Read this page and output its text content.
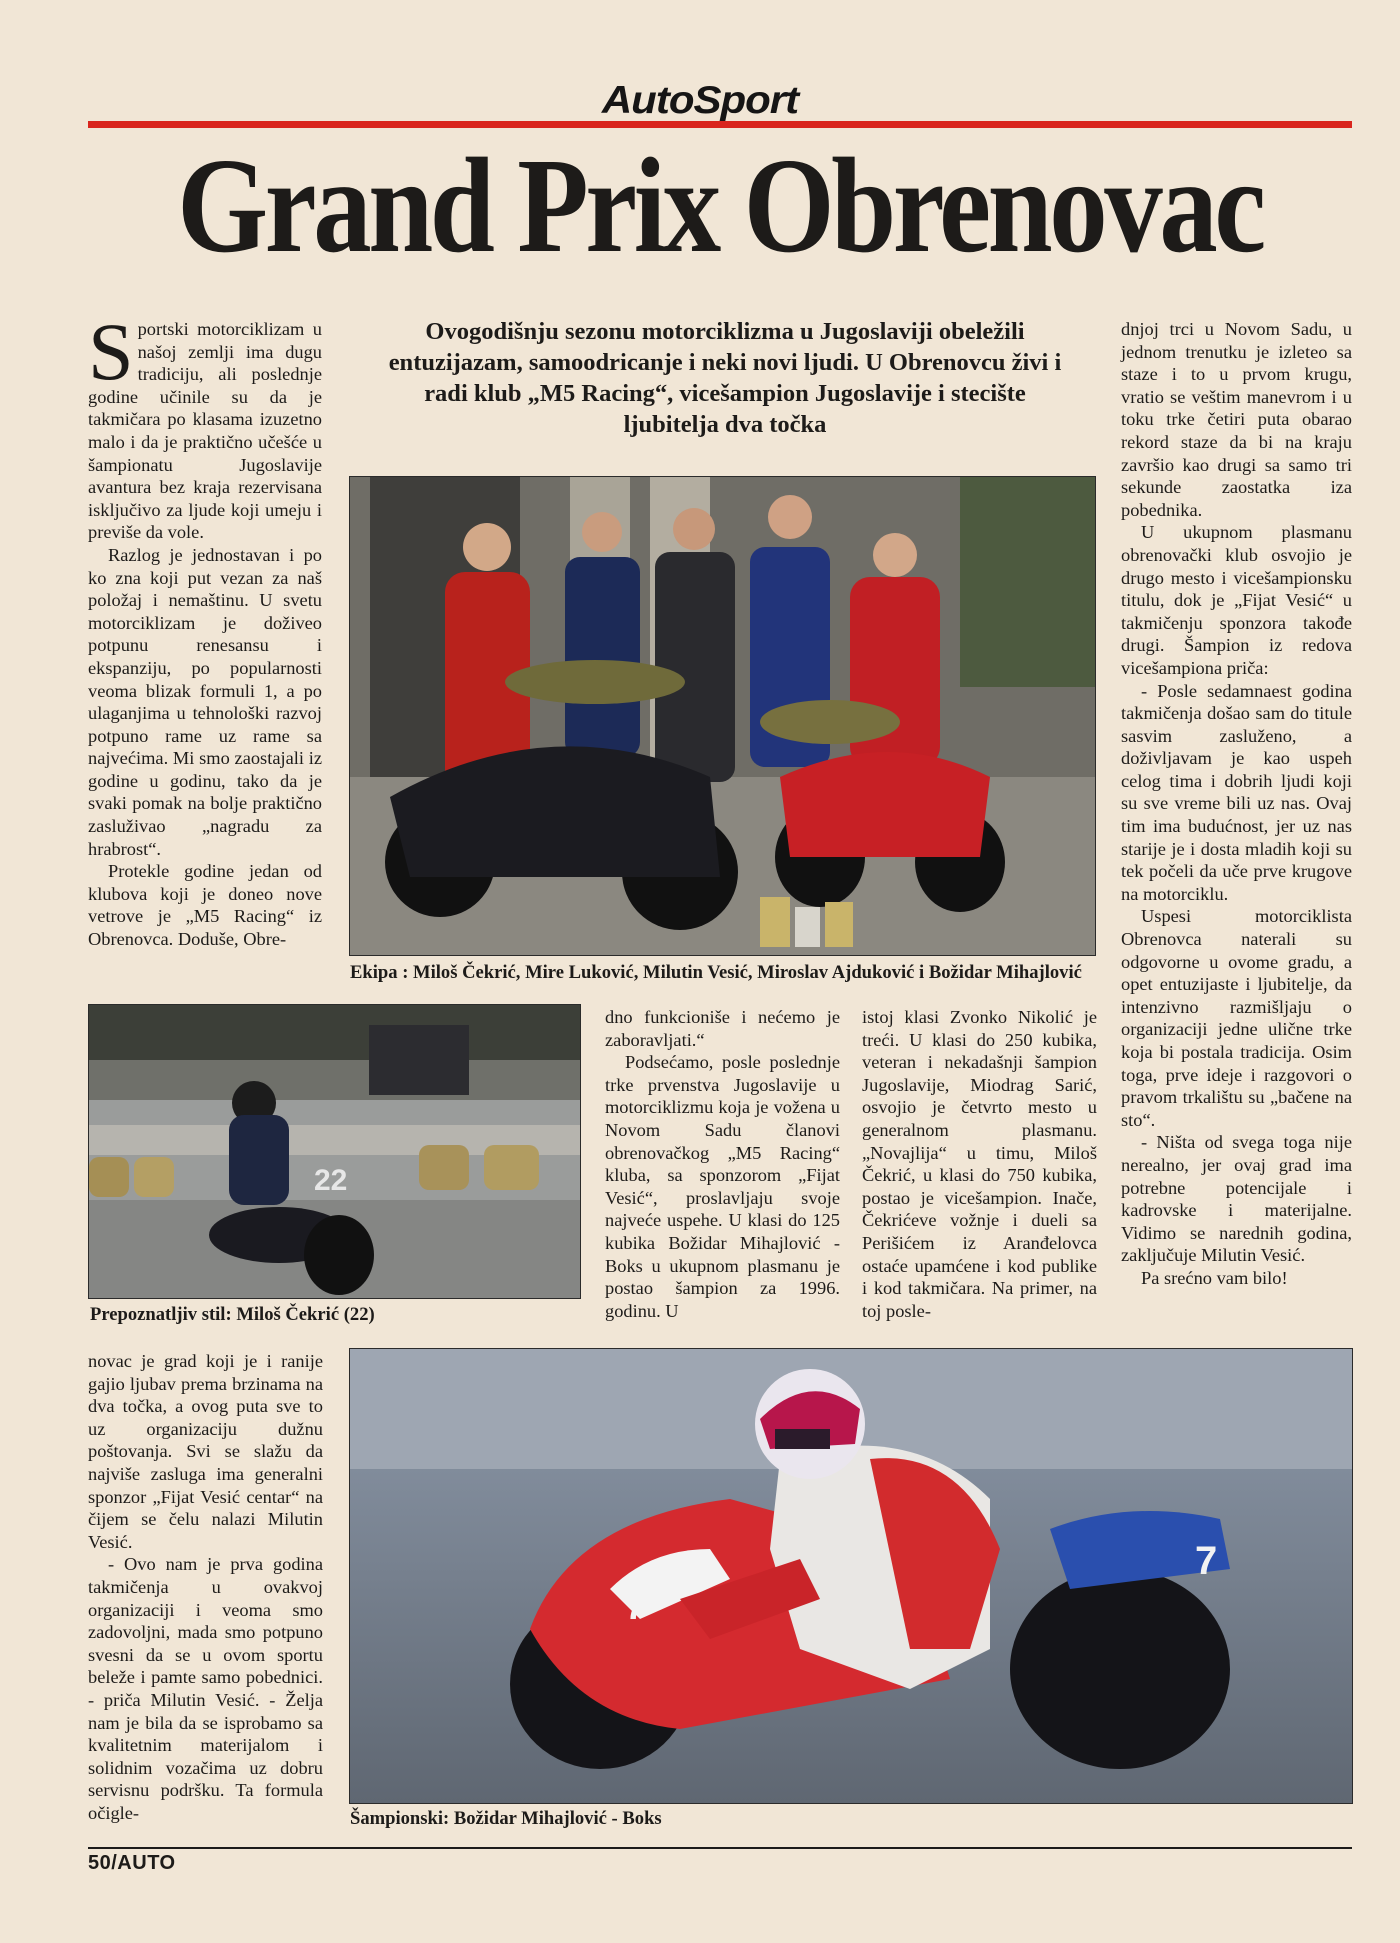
AutoSport
Grand Prix Obrenovac

Sportski motorciklizam u našoj zemlji ima dugu tradiciju, ali poslednje godine učinile su da je takmičara po klasama izuzetno malo i da je praktično učešće u šampionatu Jugoslavije avantura bez kraja rezervisana isključivo za ljude koji umeju i previše da vole.

Razlog je jednostavan i po ko zna koji put vezan za naš položaj i nemaštinu. U svetu motorciklizam je doživeo potpunu renesansu i ekspanziju, po popularnosti veoma blizak formuli 1, a po ulaganjima u tehnološki razvoj potpuno rame uz rame sa najvećima. Mi smo zaostajali iz godine u godinu, tako da je svaki pomak na bolje praktično zasluživao „nagradu za hrabrost“.

Protekle godine jedan od klubova koji je doneo nove vetrove je „M5 Racing“ iz Obrenovca. Doduše, Obre-

Ovogodišnju sezonu motorciklizma u Jugoslaviji obeležili entuzijazam, samoodricanje i neki novi ljudi. U Obrenovcu živi i radi klub „M5 Racing“, vicešampion Jugoslavije i stecište ljubitelja dva točka
Ekipa : Miloš Čekrić, Mire Luković, Milutin Vesić, Miroslav Ajduković i Božidar Mihajlović

dnjoj trci u Novom Sadu, u jednom trenutku je izleteo sa staze i to u prvom krugu, vratio se veštim manevrom i u toku trke četiri puta obarao rekord staze da bi na kraju završio kao drugi sa samo tri sekunde zaostatka iza pobednika.

U ukupnom plasmanu obrenovački klub osvojio je drugo mesto i vicešampionsku titulu, dok je „Fijat Vesić“ u takmičenju sponzora takođe drugi. Šampion iz redova vicešampiona priča:

- Posle sedamnaest godina takmičenja došao sam do titule sasvim zasluženo, a doživljavam je kao uspeh celog tima i dobrih ljudi koji su sve vreme bili uz nas. Ovaj tim ima budućnost, jer uz nas starije je i dosta mladih koji su tek počeli da uče prve krugove na motorciklu.

Uspesi motorciklista Obrenovca naterali su odgovorne u ovome gradu, a opet entuzijaste i ljubitelje, da intenzivno razmišljaju o organizaciji jedne ulične trke koja bi postala tradicija. Osim toga, prve ideje i razgovori o pravom trkalištu su „bačene na sto“.

- Ništa od svega toga nije nerealno, jer ovaj grad ima potrebne potencijale i kadrovske i materijalne. Vidimo se narednih godina, zaključuje Milutin Vesić.

Pa srećno vam bilo!

22
Prepoznatljiv stil: Miloš Čekrić (22)

dno funkcioniše i nećemo je zaboravljati.“

Podsećamo, posle poslednje trke prvenstva Jugoslavije u motorciklizmu koja je vožena u Novom Sadu članovi obrenovačkog „M5 Racing“ kluba, sa sponzorom „Fijat Vesić“, proslavljaju svoje najveće uspehe. U klasi do 125 kubika Božidar Mihajlović - Boks u ukupnom plasmanu je postao šampion za 1996. godinu. U

istoj klasi Zvonko Nikolić je treći. U klasi do 250 kubika, veteran i nekadašnji šampion Jugoslavije, Miodrag Sarić, osvojio je četvrto mesto u generalnom plasmanu. „Novajlija“ u timu, Miloš Čekrić, u klasi do 750 kubika, postao je vicešampion. Inače, Čekrićeve vožnje i dueli sa Perišićem iz Aranđelovca ostaće upamćene i kod publike i kod takmičara. Na primer, na toj posle-

novac je grad koji je i ranije gajio ljubav prema brzinama na dva točka, a ovog puta sve to uz organizaciju dužnu poštovanja. Svi se slažu da najviše zasluga ima generalni sponzor „Fijat Vesić centar“ na čijem se čelu nalazi Milutin Vesić.

- Ovo nam je prva godina takmičenja u ovakvoj organizaciji i veoma smo zadovoljni, mada smo potpuno svesni da se u ovom sportu beleže i pamte samo pobednici. - priča Milutin Vesić. - Želja nam je bila da se isprobamo sa kvalitetnim materijalom i solidnim vozačima uz dobru servisnu podršku. Ta formula očigle-

7
7
Šampionski: Božidar Mihajlović - Boks
50/AUTO
